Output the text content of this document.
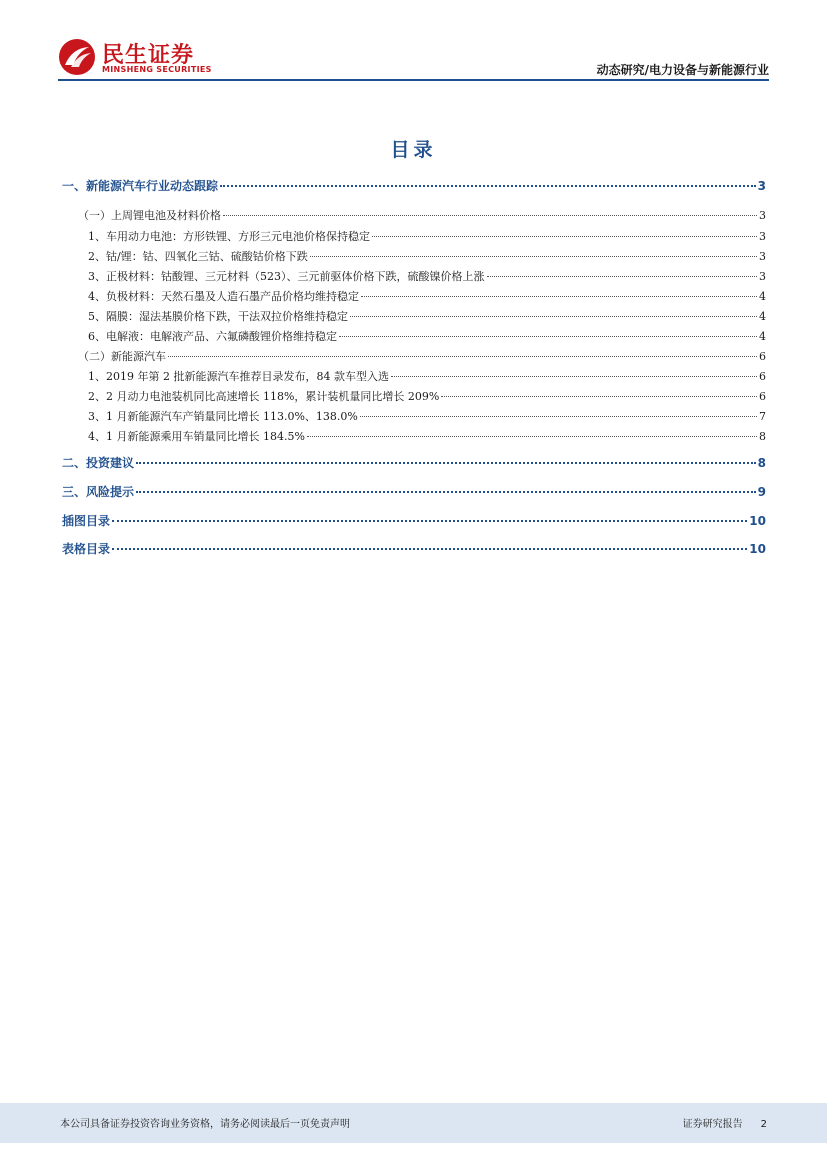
民生证券
MINSHENG SECURITIES	动态研究/电力设备与新能源行业
目录
一、新能源汽车行业动态跟踪	3
（一）上周锂电池及材料价格	3
1、车用动力电池：方形铁锂、方形三元电池价格保持稳定	3
2、钴/锂：钴、四氧化三钴、硫酸钴价格下跌	3
3、正极材料：钴酸锂、三元材料（523）、三元前驱体价格下跌，硫酸镍价格上涨	3
4、负极材料：天然石墨及人造石墨产品价格均维持稳定	4
5、隔膜：湿法基膜价格下跌，干法双拉价格维持稳定	4
6、电解液：电解液产品、六氟磷酸锂价格维持稳定	4
（二）新能源汽车	6
1、2019 年第 2 批新能源汽车推荐目录发布，84 款车型入选	6
2、2 月动力电池装机同比高速增长 118%，累计装机量同比增长 209%	6
3、1 月新能源汽车产销量同比增长 113.0%、138.0%	7
4、1 月新能源乘用车销量同比增长 184.5%	8
二、投资建议	8
三、风险提示	9
插图目录	10
表格目录	10
本公司具备证券投资咨询业务资格，请务必阅读最后一页免责声明	证券研究报告 2
